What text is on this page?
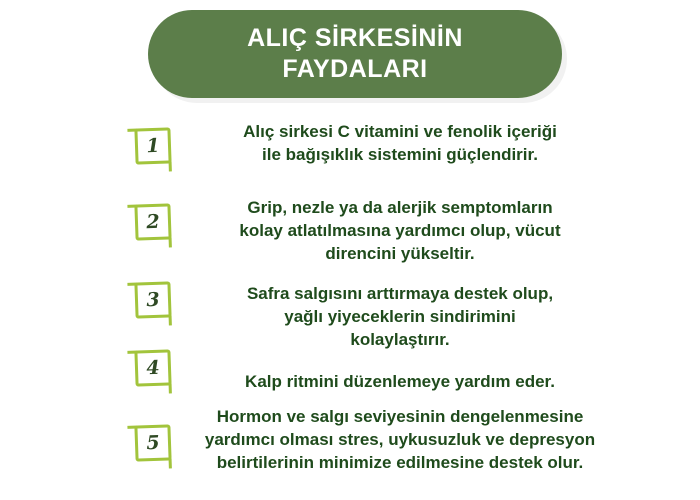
ALIÇ SİRKESİNİN
FAYDALARI
1
Alıç sirkesi C vitamini ve fenolik içeriği
ile bağışıklık sistemini güçlendirir.
2
Grip, nezle ya da alerjik semptomların
kolay atlatılmasına yardımcı olup, vücut
direncini yükseltir.
3	Safra salgısını arttırmaya destek olup,
yağlı yiyeceklerin sindirimini
kolaylaştırır.
4
Kalp ritmini düzenlemeye yardım eder.
5
Hormon ve salgı seviyesinin dengelenmesine
yardımcı olması stres, uykusuzluk ve depresyon
belirtilerinin minimize edilmesine destek olur.
